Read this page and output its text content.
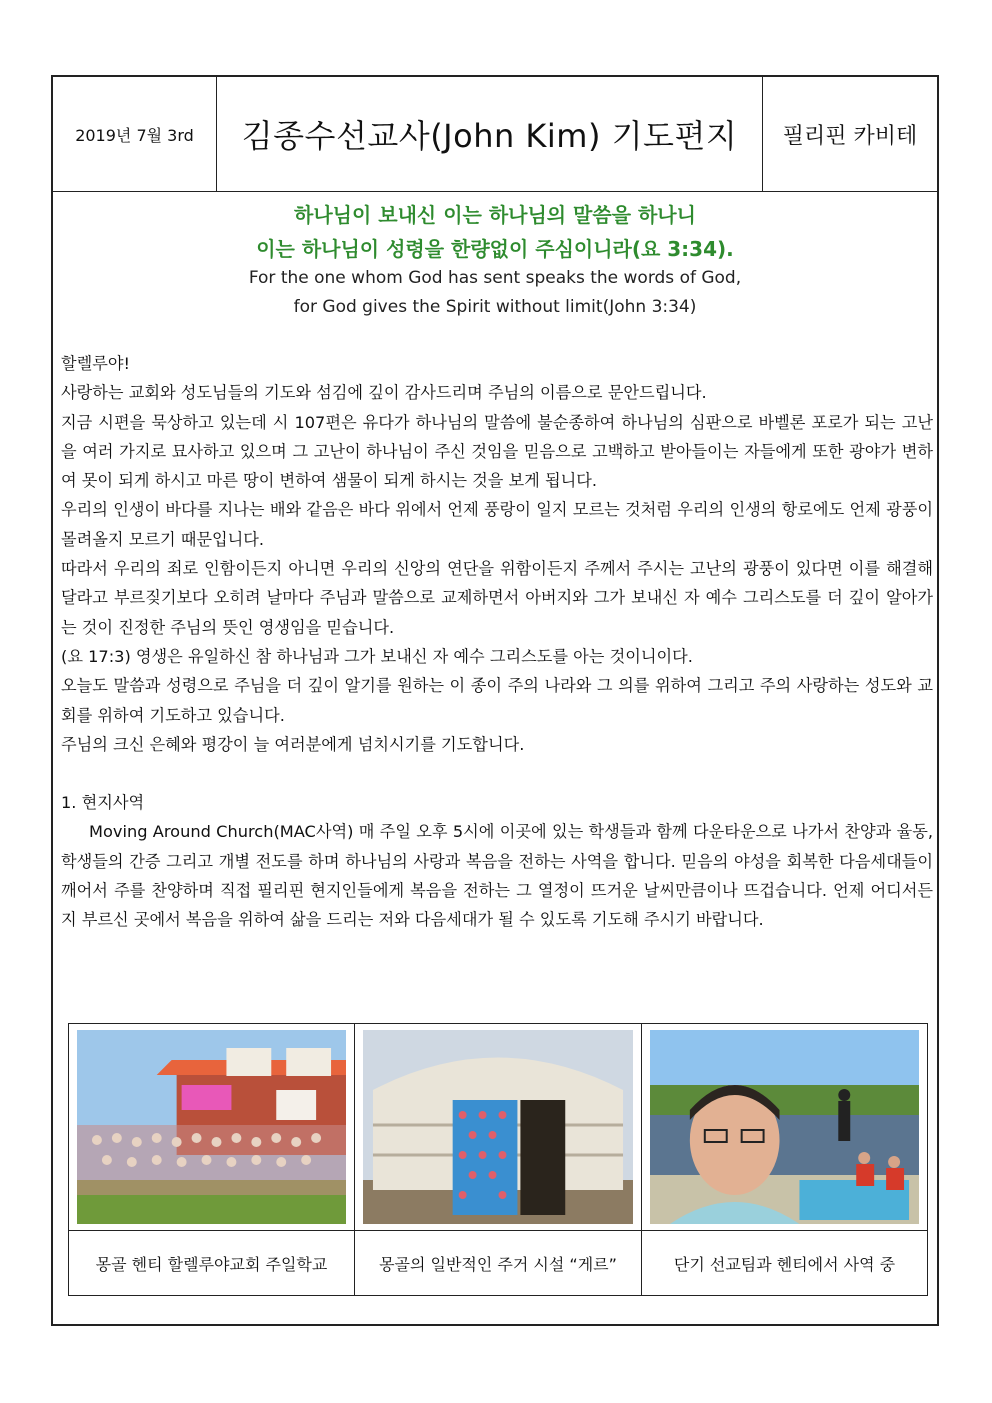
2019년 7월 3rd	김종수선교사(John Kim) 기도편지	필리핀 카비테
하나님이 보내신 이는 하나님의 말씀을 하나니
이는 하나님이 성령을 한량없이 주심이니라(요 3:34).
For the one whom God has sent speaks the words of God,
for God gives the Spirit without limit(John 3:34)

할렐루야!

사랑하는 교회와 성도님들의 기도와 섬김에 깊이 감사드리며 주님의 이름으로 문안드립니다.

지금 시편을 묵상하고 있는데 시 107편은 유다가 하나님의 말씀에 불순종하여 하나님의 심판으로 바벨론 포로가 되는 고난을 여러 가지로 묘사하고 있으며 그 고난이 하나님이 주신 것임을 믿음으로 고백하고 받아들이는 자들에게 또한 광야가 변하여 못이 되게 하시고 마른 땅이 변하여 샘물이 되게 하시는 것을 보게 됩니다.

우리의 인생이 바다를 지나는 배와 같음은 바다 위에서 언제 풍랑이 일지 모르는 것처럼 우리의 인생의 항로에도 언제 광풍이 몰려올지 모르기 때문입니다.

따라서 우리의 죄로 인함이든지 아니면 우리의 신앙의 연단을 위함이든지 주께서 주시는 고난의 광풍이 있다면 이를 해결해 달라고 부르짖기보다 오히려 날마다 주님과 말씀으로 교제하면서 아버지와 그가 보내신 자 예수 그리스도를 더 깊이 알아가는 것이 진정한 주님의 뜻인 영생임을 믿습니다.

(요 17:3) 영생은 유일하신 참 하나님과 그가 보내신 자 예수 그리스도를 아는 것이니이다.

오늘도 말씀과 성령으로 주님을 더 깊이 알기를 원하는 이 종이 주의 나라와 그 의를 위하여 그리고 주의 사랑하는 성도와 교회를 위하여 기도하고 있습니다.

주님의 크신 은혜와 평강이 늘 여러분에게 넘치시기를 기도합니다.

1. 현지사역

Moving Around Church(MAC사역) 매 주일 오후 5시에 이곳에 있는 학생들과 함께 다운타운으로 나가서 찬양과 율동, 학생들의 간증 그리고 개별 전도를 하며 하나님의 사랑과 복음을 전하는 사역을 합니다. 믿음의 야성을 회복한 다음세대들이 깨어서 주를 찬양하며 직접 필리핀 현지인들에게 복음을 전하는 그 열정이 뜨거운 날씨만큼이나 뜨겁습니다. 언제 어디서든지 부르신 곳에서 복음을 위하여 삶을 드리는 저와 다음세대가 될 수 있도록 기도해 주시기 바랍니다.

몽골 헨티 할렐루야교회 주일학교	몽골의 일반적인 주거 시설 “게르”	단기 선교팀과 헨티에서 사역 중
